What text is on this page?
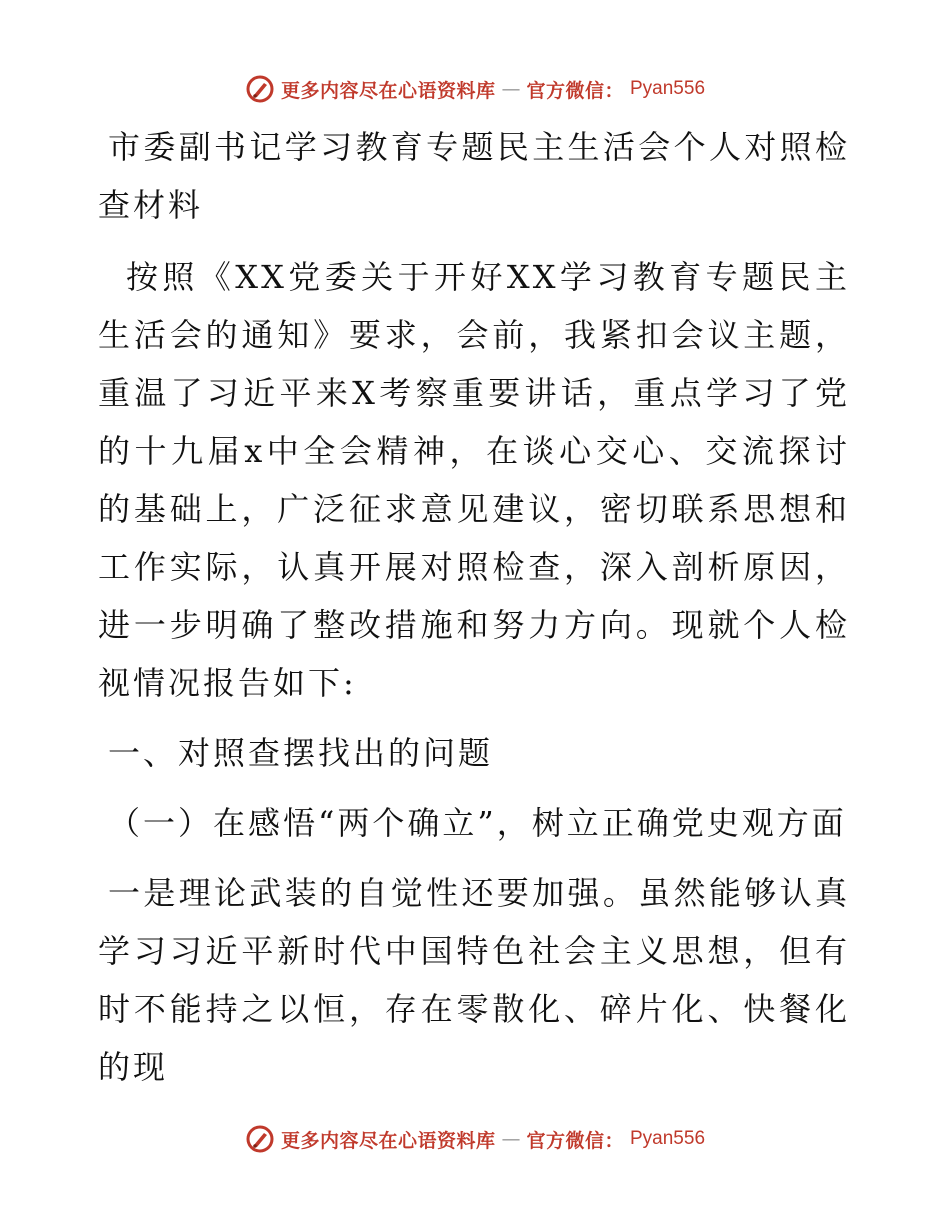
更多内容尽在心语资料库 — 官方微信： Pyan556

市委副书记学习教育专题民主生活会个人对照检查材料

按照《XX党委关于开好XX学习教育专题民主生活会的通知》要求，会前，我紧扣会议主题，重温了习近平来X考察重要讲话，重点学习了党的十九届x中全会精神，在谈心交心、交流探讨的基础上，广泛征求意见建议，密切联系思想和工作实际，认真开展对照检查，深入剖析原因，进一步明确了整改措施和努力方向。现就个人检视情况报告如下:

一、对照查摆找出的问题

（一）在感悟“两个确立”，树立正确党史观方面

一是理论武装的自觉性还要加强。虽然能够认真学习习近平新时代中国特色社会主义思想，但有时不能持之以恒，存在零散化、碎片化、快餐化的现

更多内容尽在心语资料库 — 官方微信： Pyan556
